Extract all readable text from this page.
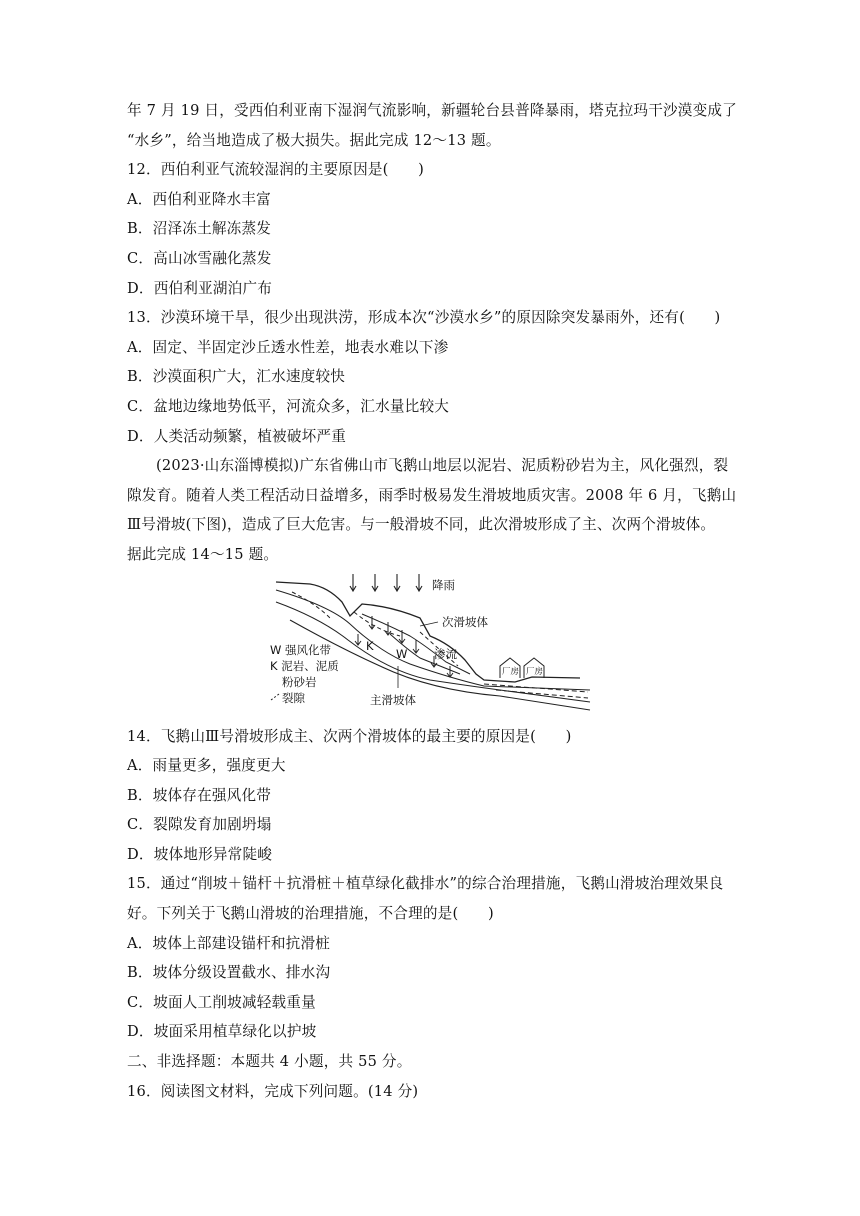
年 7 月 19 日，受西伯利亚南下湿润气流影响，新疆轮台县普降暴雨，塔克拉玛干沙漠变成了

“水乡”，给当地造成了极大损失。据此完成 12～13 题。

12．西伯利亚气流较湿润的主要原因是(　　)

A．西伯利亚降水丰富

B．沼泽冻土解冻蒸发

C．高山冰雪融化蒸发

D．西伯利亚湖泊广布

13．沙漠环境干旱，很少出现洪涝，形成本次“沙漠水乡”的原因除突发暴雨外，还有(　　)

A．固定、半固定沙丘透水性差，地表水难以下渗

B．沙漠面积广大，汇水速度较快

C．盆地边缘地势低平，河流众多，汇水量比较大

D．人类活动频繁，植被破坏严重

(2023·山东淄博模拟)广东省佛山市飞鹅山地层以泥岩、泥质粉砂岩为主，风化强烈，裂

隙发育。随着人类工程活动日益增多，雨季时极易发生滑坡地质灾害。2008 年 6 月，飞鹅山

Ⅲ号滑坡(下图)，造成了巨大危害。与一般滑坡不同，此次滑坡形成了主、次两个滑坡体。

据此完成 14～15 题。

降雨
次滑坡体
W
K
渗流
主滑坡体
厂房 厂房
W 强风化带
K 泥岩、泥质
粉砂岩
裂隙

14．飞鹅山Ⅲ号滑坡形成主、次两个滑坡体的最主要的原因是(　　)

A．雨量更多，强度更大

B．坡体存在强风化带

C．裂隙发育加剧坍塌

D．坡体地形异常陡峻

15．通过“削坡＋锚杆＋抗滑桩＋植草绿化截排水”的综合治理措施，飞鹅山滑坡治理效果良

好。下列关于飞鹅山滑坡的治理措施，不合理的是(　　)

A．坡体上部建设锚杆和抗滑桩

B．坡体分级设置截水、排水沟

C．坡面人工削坡减轻载重量

D．坡面采用植草绿化以护坡

二、非选择题：本题共 4 小题，共 55 分。

16．阅读图文材料，完成下列问题。(14 分)
